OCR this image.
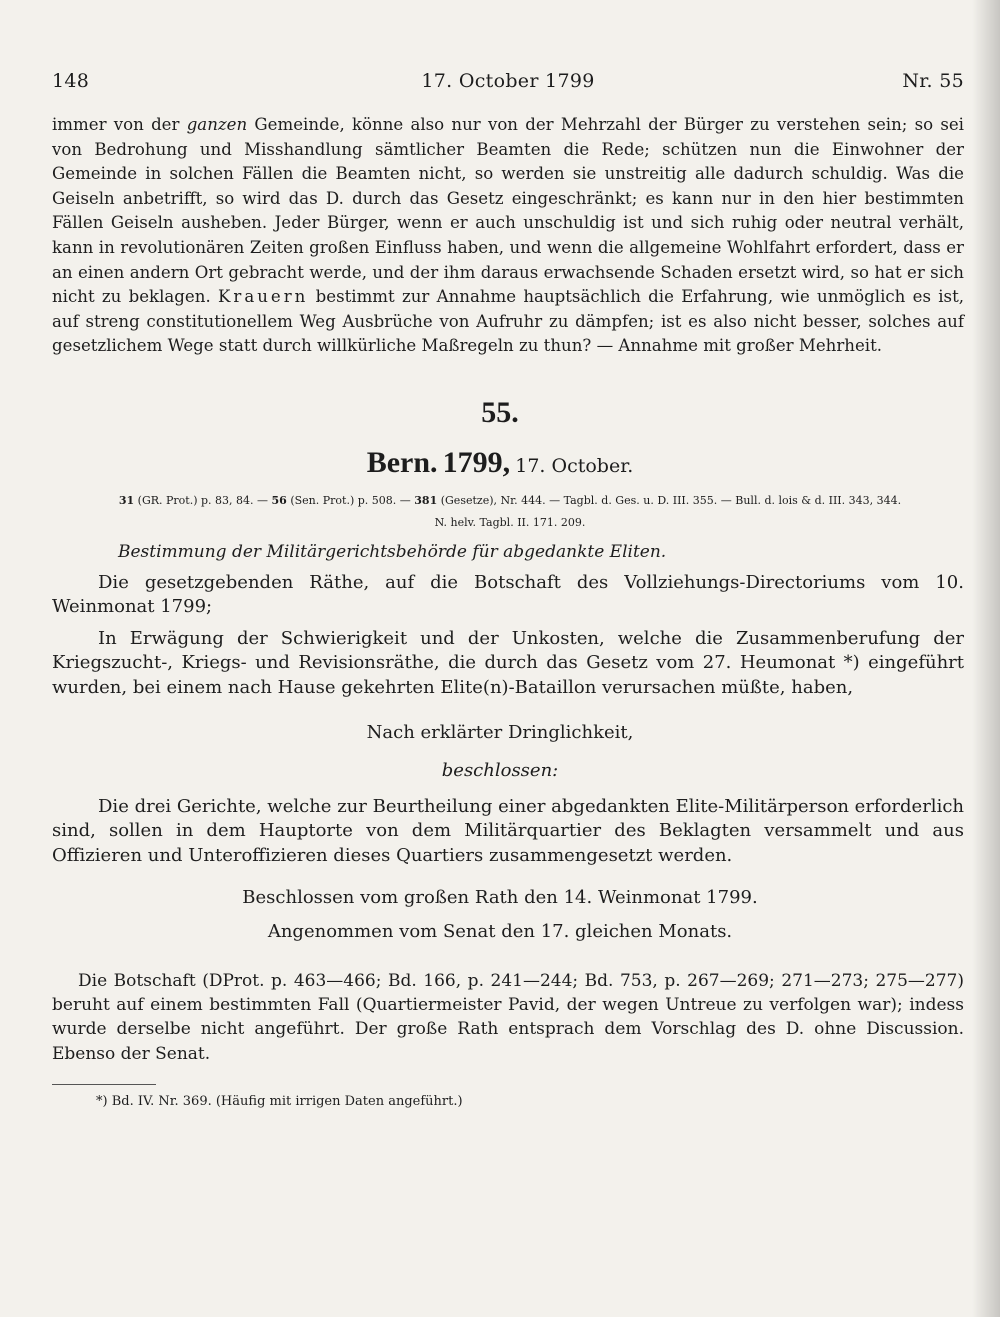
148	17. October 1799	Nr. 55
immer von der ganzen Gemeinde, könne also nur von der Mehrzahl der Bürger zu verstehen sein; so sei von Bedrohung und Misshandlung sämtlicher Beamten die Rede; schützen nun die Einwohner der Gemeinde in solchen Fällen die Beamten nicht, so werden sie unstreitig alle dadurch schuldig. Was die Geiseln anbetrifft, so wird das D. durch das Gesetz eingeschränkt; es kann nur in den hier bestimmten Fällen Geiseln ausheben. Jeder Bürger, wenn er auch unschuldig ist und sich ruhig oder neutral verhält, kann in revolutionären Zeiten großen Einfluss haben, und wenn die allgemeine Wohlfahrt erfordert, dass er an einen andern Ort gebracht werde, und der ihm daraus erwachsende Schaden ersetzt wird, so hat er sich nicht zu beklagen. Krauern bestimmt zur Annahme hauptsächlich die Erfahrung, wie unmöglich es ist, auf streng constitutionellem Weg Ausbrüche von Aufruhr zu dämpfen; ist es also nicht besser, solches auf gesetzlichem Wege statt durch willkürliche Maßregeln zu thun? — Annahme mit großer Mehrheit.
55.
Bern. 1799, 17. October.
31 (GR. Prot.) p. 83, 84. — 56 (Sen. Prot.) p. 508. — 381 (Gesetze), Nr. 444. — Tagbl. d. Ges. u. D. III. 355. — Bull. d. lois & d. III. 343, 344.
N. helv. Tagbl. II. 171. 209.
Bestimmung der Militärgerichtsbehörde für abgedankte Eliten.
Die gesetzgebenden Räthe, auf die Botschaft des Vollziehungs-Directoriums vom 10. Weinmonat 1799;
In Erwägung der Schwierigkeit und der Unkosten, welche die Zusammenberufung der Kriegszucht-, Kriegs- und Revisionsräthe, die durch das Gesetz vom 27. Heumonat *) eingeführt wurden, bei einem nach Hause gekehrten Elite(n)-Bataillon verursachen müßte, haben,
Nach erklärter Dringlichkeit,
beschlossen:
Die drei Gerichte, welche zur Beurtheilung einer abgedankten Elite-Militärperson erforderlich sind, sollen in dem Hauptorte von dem Militärquartier des Beklagten versammelt und aus Offizieren und Unteroffizieren dieses Quartiers zusammengesetzt werden.
Beschlossen vom großen Rath den 14. Weinmonat 1799.
Angenommen vom Senat den 17. gleichen Monats.
Die Botschaft (DProt. p. 463—466; Bd. 166, p. 241—244; Bd. 753, p. 267—269; 271—273; 275—277) beruht auf einem bestimmten Fall (Quartiermeister Pavid, der wegen Untreue zu verfolgen war); indess wurde derselbe nicht angeführt. Der große Rath entsprach dem Vorschlag des D. ohne Discussion. Ebenso der Senat.
*) Bd. IV. Nr. 369. (Häufig mit irrigen Daten angeführt.)
